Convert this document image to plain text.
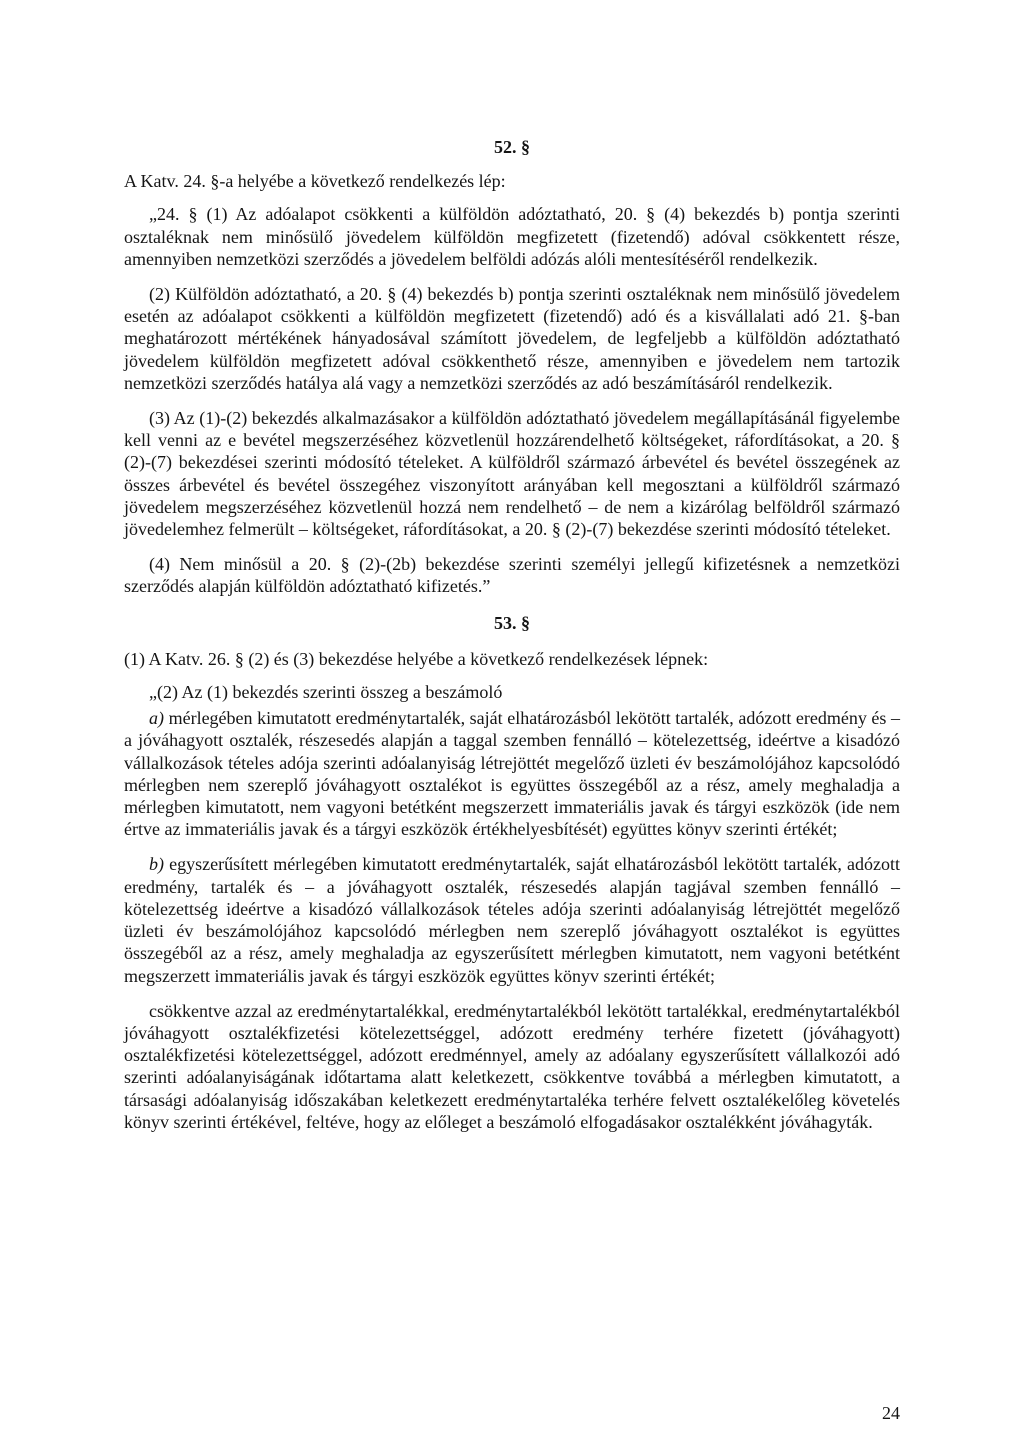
52. §

A Katv. 24. §-a helyébe a következő rendelkezés lép:

„24. § (1) Az adóalapot csökkenti a külföldön adóztatható, 20. § (4) bekezdés b) pontja szerinti osztaléknak nem minősülő jövedelem külföldön megfizetett (fizetendő) adóval csökkentett része, amennyiben nemzetközi szerződés a jövedelem belföldi adózás alóli mentesítéséről rendelkezik.

(2) Külföldön adóztatható, a 20. § (4) bekezdés b) pontja szerinti osztaléknak nem minősülő jövedelem esetén az adóalapot csökkenti a külföldön megfizetett (fizetendő) adó és a kisvállalati adó 21. §-ban meghatározott mértékének hányadosával számított jövedelem, de legfeljebb a külföldön adóztatható jövedelem külföldön megfizetett adóval csökkenthető része, amennyiben e jövedelem nem tartozik nemzetközi szerződés hatálya alá vagy a nemzetközi szerződés az adó beszámításáról rendelkezik.

(3) Az (1)-(2) bekezdés alkalmazásakor a külföldön adóztatható jövedelem megállapításánál figyelembe kell venni az e bevétel megszerzéséhez közvetlenül hozzárendelhető költségeket, ráfordításokat, a 20. § (2)-(7) bekezdései szerinti módosító tételeket. A külföldről származó árbevétel és bevétel összegének az összes árbevétel és bevétel összegéhez viszonyított arányában kell megosztani a külföldről származó jövedelem megszerzéséhez közvetlenül hozzá nem rendelhető – de nem a kizárólag belföldről származó jövedelemhez felmerült – költségeket, ráfordításokat, a 20. § (2)-(7) bekezdése szerinti módosító tételeket.

(4) Nem minősül a 20. § (2)-(2b) bekezdése szerinti személyi jellegű kifizetésnek a nemzetközi szerződés alapján külföldön adóztatható kifizetés.”

53. §

(1) A Katv. 26. § (2) és (3) bekezdése helyébe a következő rendelkezések lépnek:

„(2) Az (1) bekezdés szerinti összeg a beszámoló

a) mérlegében kimutatott eredménytartalék, saját elhatározásból lekötött tartalék, adózott eredmény és – a jóváhagyott osztalék, részesedés alapján a taggal szemben fennálló – kötelezettség, ideértve a kisadózó vállalkozások tételes adója szerinti adóalanyiság létrejöttét megelőző üzleti év beszámolójához kapcsolódó mérlegben nem szereplő jóváhagyott osztalékot is együttes összegéből az a rész, amely meghaladja a mérlegben kimutatott, nem vagyoni betétként megszerzett immateriális javak és tárgyi eszközök (ide nem értve az immateriális javak és a tárgyi eszközök értékhelyesbítését) együttes könyv szerinti értékét;

b) egyszerűsített mérlegében kimutatott eredménytartalék, saját elhatározásból lekötött tartalék, adózott eredmény, tartalék és – a jóváhagyott osztalék, részesedés alapján tagjával szemben fennálló – kötelezettség ideértve a kisadózó vállalkozások tételes adója szerinti adóalanyiság létrejöttét megelőző üzleti év beszámolójához kapcsolódó mérlegben nem szereplő jóváhagyott osztalékot is együttes összegéből az a rész, amely meghaladja az egyszerűsített mérlegben kimutatott, nem vagyoni betétként megszerzett immateriális javak és tárgyi eszközök együttes könyv szerinti értékét;

csökkentve azzal az eredménytartalékkal, eredménytartalékból lekötött tartalékkal, eredménytartalékból jóváhagyott osztalékfizetési kötelezettséggel, adózott eredmény terhére fizetett (jóváhagyott) osztalékfizetési kötelezettséggel, adózott eredménnyel, amely az adóalany egyszerűsített vállalkozói adó szerinti adóalanyiságának időtartama alatt keletkezett, csökkentve továbbá a mérlegben kimutatott, a társasági adóalanyiság időszakában keletkezett eredménytartaléka terhére felvett osztalékelőleg követelés könyv szerinti értékével, feltéve, hogy az előleget a beszámoló elfogadásakor osztalékként jóváhagyták.

24
